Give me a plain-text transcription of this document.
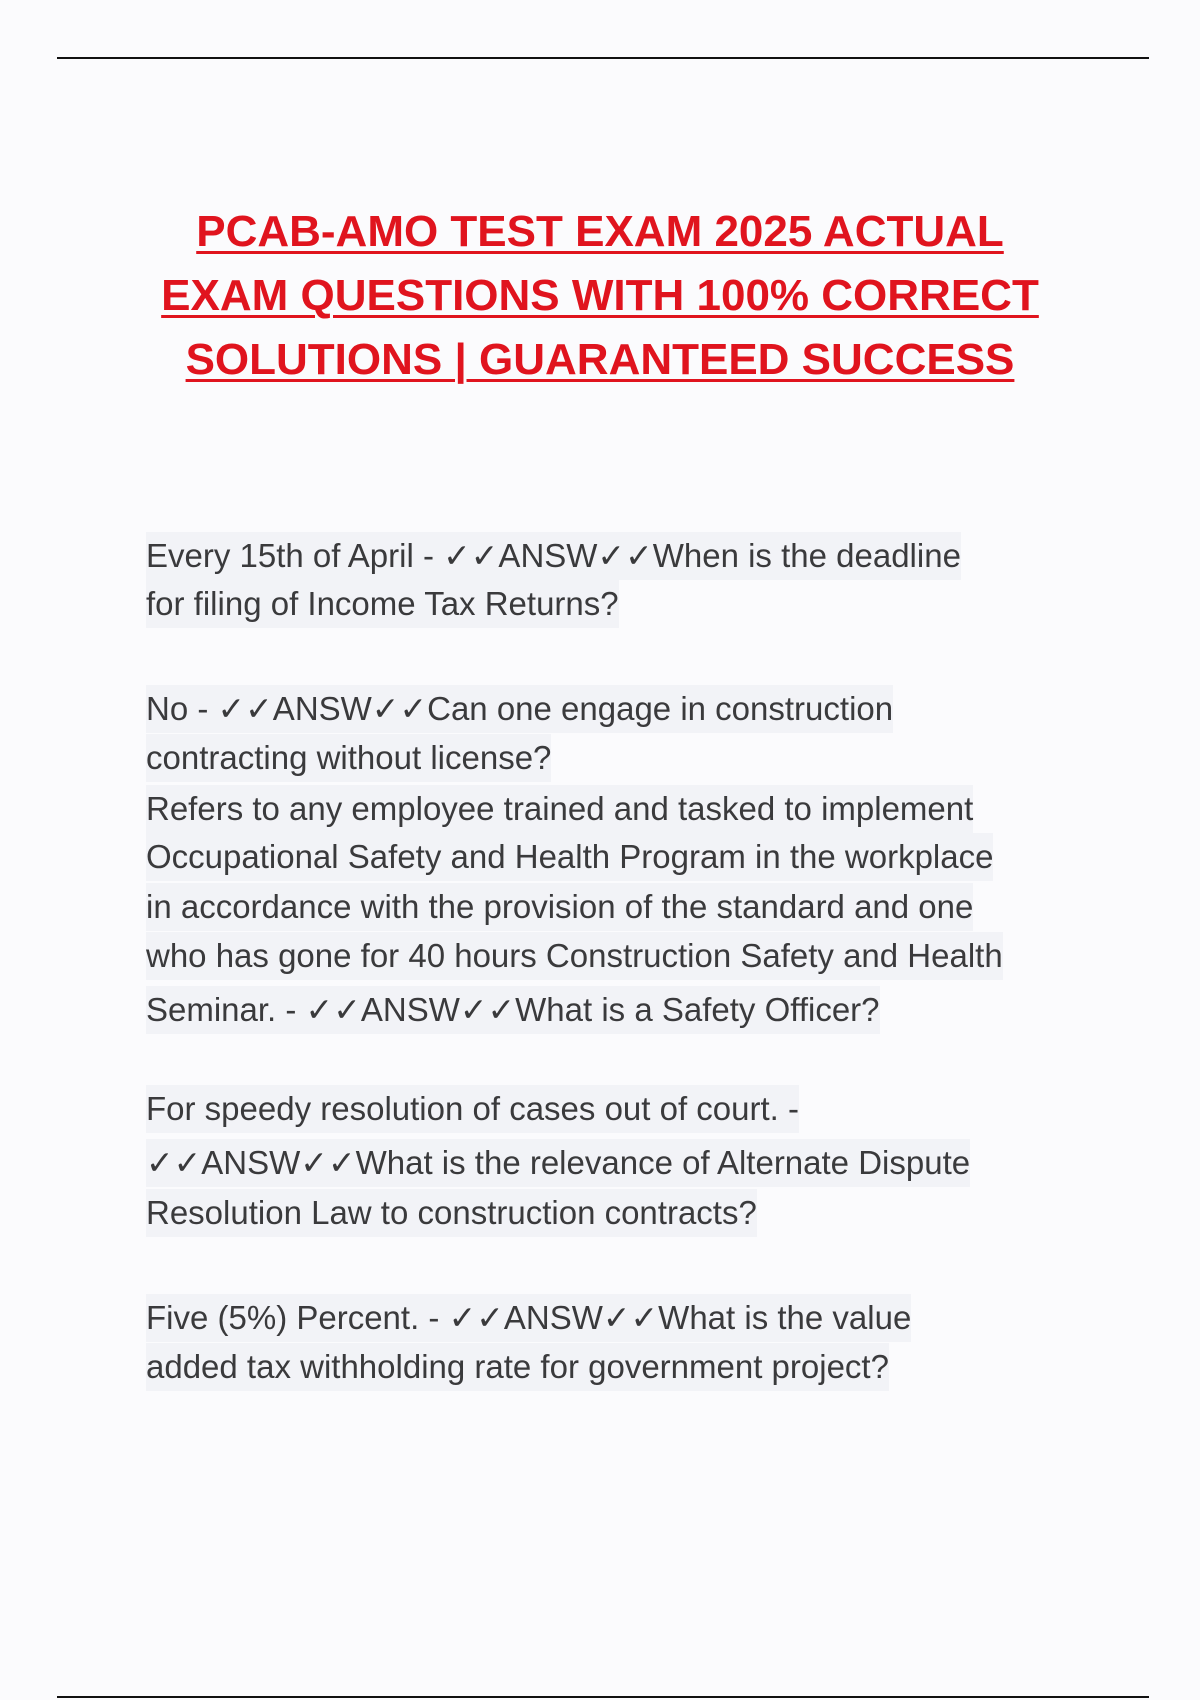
PCAB-AMO TEST EXAM 2025 ACTUAL
EXAM QUESTIONS WITH 100% CORRECT
SOLUTIONS | GUARANTEED SUCCESS
Every 15th of April - ✓✓ANSW✓✓When is the deadline
for filing of Income Tax Returns?
No - ✓✓ANSW✓✓Can one engage in construction
contracting without license?
Refers to any employee trained and tasked to implement
Occupational Safety and Health Program in the workplace
in accordance with the provision of the standard and one
who has gone for 40 hours Construction Safety and Health
Seminar. - ✓✓ANSW✓✓What is a Safety Officer?
For speedy resolution of cases out of court. -
✓✓ANSW✓✓What is the relevance of Alternate Dispute
Resolution Law to construction contracts?
Five (5%) Percent. - ✓✓ANSW✓✓What is the value
added tax withholding rate for government project?
